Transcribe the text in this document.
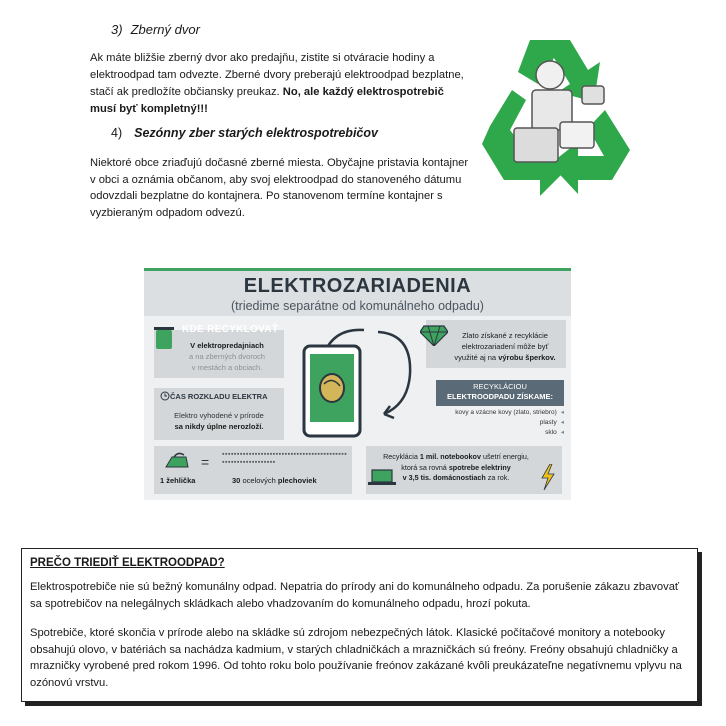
3) Zberný dvor
Ak máte bližšie zberný dvor ako predajňu, zistite si otváracie hodiny a elektroodpad tam odvezte. Zberné dvory preberajú elektroodpad bezplatne, stačí ak predložíte občiansky preukaz. No, ale každý elektrospotrebič musí byť kompletný!!!
4) Sezónny zber starých elektrospotrebičov
Niektoré obce zriaďujú dočasné zberné miesta. Obyčajne pristavia kontajner v obci a oznámia občanom, aby svoj elektroodpad do stanoveného dátumu odovzdali bezplatne do kontajnera. Po stanovenom termíne kontajner s vyzbieraným odpadom odvezú.
ELEKTROZARIADENIA
(triedime separátne od komunálneho odpadu)
KDE RECYKLOVAŤ
V elektropredajniach
a na zberných dvoroch
v mestách a obciach.
ČAS ROZKLADU ELEKTRA
Elektro vyhodené v prírode
sa nikdy úplne nerozloží.
= ▪▪▪▪▪▪▪▪▪▪▪▪▪▪▪▪▪▪▪▪▪▪▪▪▪▪▪▪▪▪▪▪▪▪▪▪▪▪▪▪▪▪▪▪▪▪▪▪▪▪▪▪▪▪▪▪▪▪▪▪
1 žehlička	30 ocelových plechoviek
Zlato získané z recyklácie
elektrozariadení môže byť
využité aj na výrobu šperkov.
RECYKLÁCIOU
ELEKTROODPADU ZÍSKAME:
kovy a vzácne kovy (zlato, striebro) ◂
plasty ◂
sklo ◂
Recyklácia 1 mil. notebookov ušetrí energiu,
ktorá sa rovná spotrebe elektriny
v 3,5 tis. domácnostiach za rok.
PREČO TRIEDIŤ ELEKTROODPAD?
Elektrospotrebiče nie sú bežný komunálny odpad. Nepatria do prírody ani do komunálneho odpadu. Za porušenie zákazu zbavovať sa spotrebičov na nelegálnych skládkach alebo vhadzovaním do komunálneho odpadu, hrozí pokuta.
Spotrebiče, ktoré skončia v prírode alebo na skládke sú zdrojom nebezpečných látok. Klasické počítačové monitory a notebooky obsahujú olovo, v batériách sa nachádza kadmium, v starých chladničkách a mrazničkách sú freóny. Freóny obsahujú chladničky a mrazničky vyrobené pred rokom 1996. Od tohto roku bolo používanie freónov zakázané kvôli preukázateľne negatívnemu vplyvu na ozónovú vrstvu.
